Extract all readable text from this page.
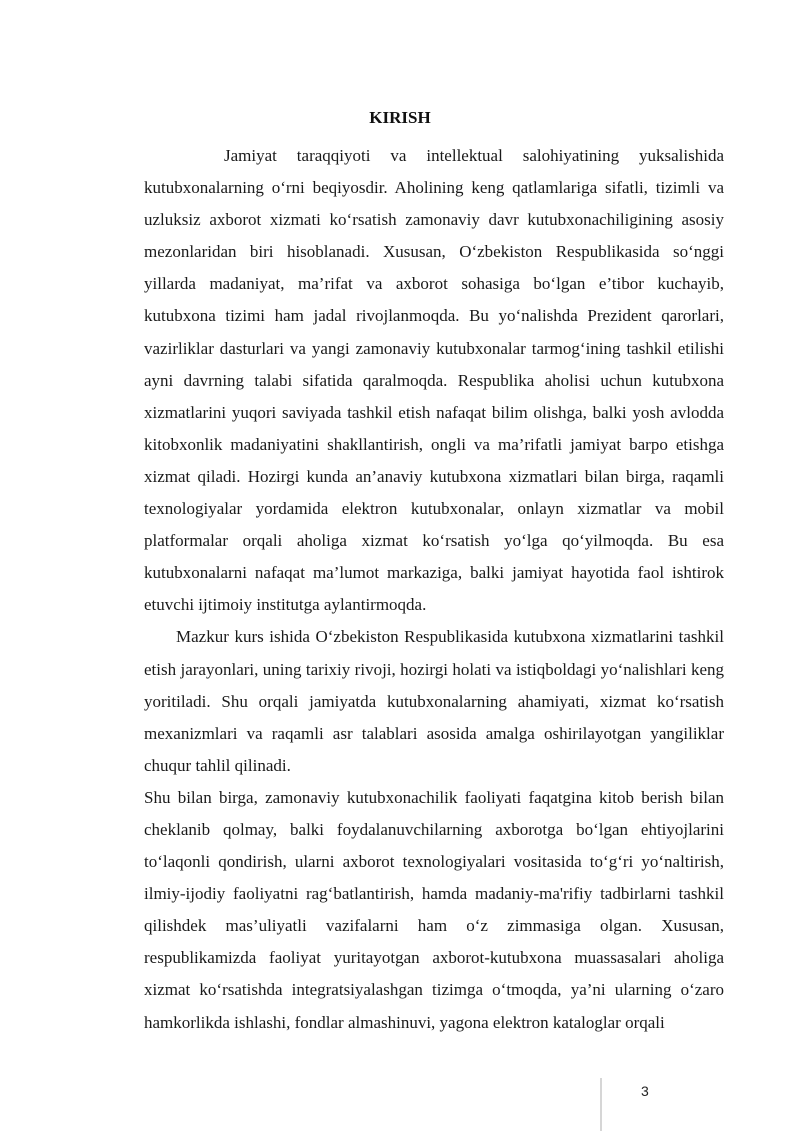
KIRISH

Jamiyat taraqqiyoti va intellektual salohiyatining yuksalishida kutubxonalarning o‘rni beqiyosdir. Aholining keng qatlamlariga sifatli, tizimli va uzluksiz axborot xizmati ko‘rsatish zamonaviy davr kutubxonachiligining asosiy mezonlaridan biri hisoblanadi. Xususan, O‘zbekiston Respublikasida so‘nggi yillarda madaniyat, ma’rifat va axborot sohasiga bo‘lgan e’tibor kuchayib, kutubxona tizimi ham jadal rivojlanmoqda. Bu yo‘nalishda Prezident qarorlari, vazirliklar dasturlari va yangi zamonaviy kutubxonalar tarmog‘ining tashkil etilishi ayni davrning talabi sifatida qaralmoqda. Respublika aholisi uchun kutubxona xizmatlarini yuqori saviyada tashkil etish nafaqat bilim olishga, balki yosh avlodda kitobxonlik madaniyatini shakllantirish, ongli va ma’rifatli jamiyat barpo etishga xizmat qiladi. Hozirgi kunda an’anaviy kutubxona xizmatlari bilan birga, raqamli texnologiyalar yordamida elektron kutubxonalar, onlayn xizmatlar va mobil platformalar orqali aholiga xizmat ko‘rsatish yo‘lga qo‘yilmoqda. Bu esa kutubxonalarni nafaqat ma’lumot markaziga, balki jamiyat hayotida faol ishtirok etuvchi ijtimoiy institutga aylantirmoqda.

Mazkur kurs ishida O‘zbekiston Respublikasida kutubxona xizmatlarini tashkil etish jarayonlari, uning tarixiy rivoji, hozirgi holati va istiqboldagi yo‘nalishlari keng yoritiladi. Shu orqali jamiyatda kutubxonalarning ahamiyati, xizmat ko‘rsatish mexanizmlari va raqamli asr talablari asosida amalga oshirilayotgan yangiliklar chuqur tahlil qilinadi.

Shu bilan birga, zamonaviy kutubxonachilik faoliyati faqatgina kitob berish bilan cheklanib qolmay, balki foydalanuvchilarning axborotga bo‘lgan ehtiyojlarini to‘laqonli qondirish, ularni axborot texnologiyalari vositasida to‘g‘ri yo‘naltirish, ilmiy-ijodiy faoliyatni rag‘batlantirish, hamda madaniy-ma'rifiy tadbirlarni tashkil qilishdek mas’uliyatli vazifalarni ham o‘z zimmasiga olgan. Xususan, respublikamizda faoliyat yuritayotgan axborot-kutubxona muassasalari aholiga xizmat ko‘rsatishda integratsiyalashgan tizimga o‘tmoqda, ya’ni ularning o‘zaro hamkorlikda ishlashi, fondlar almashinuvi, yagona elektron kataloglar orqali

3
